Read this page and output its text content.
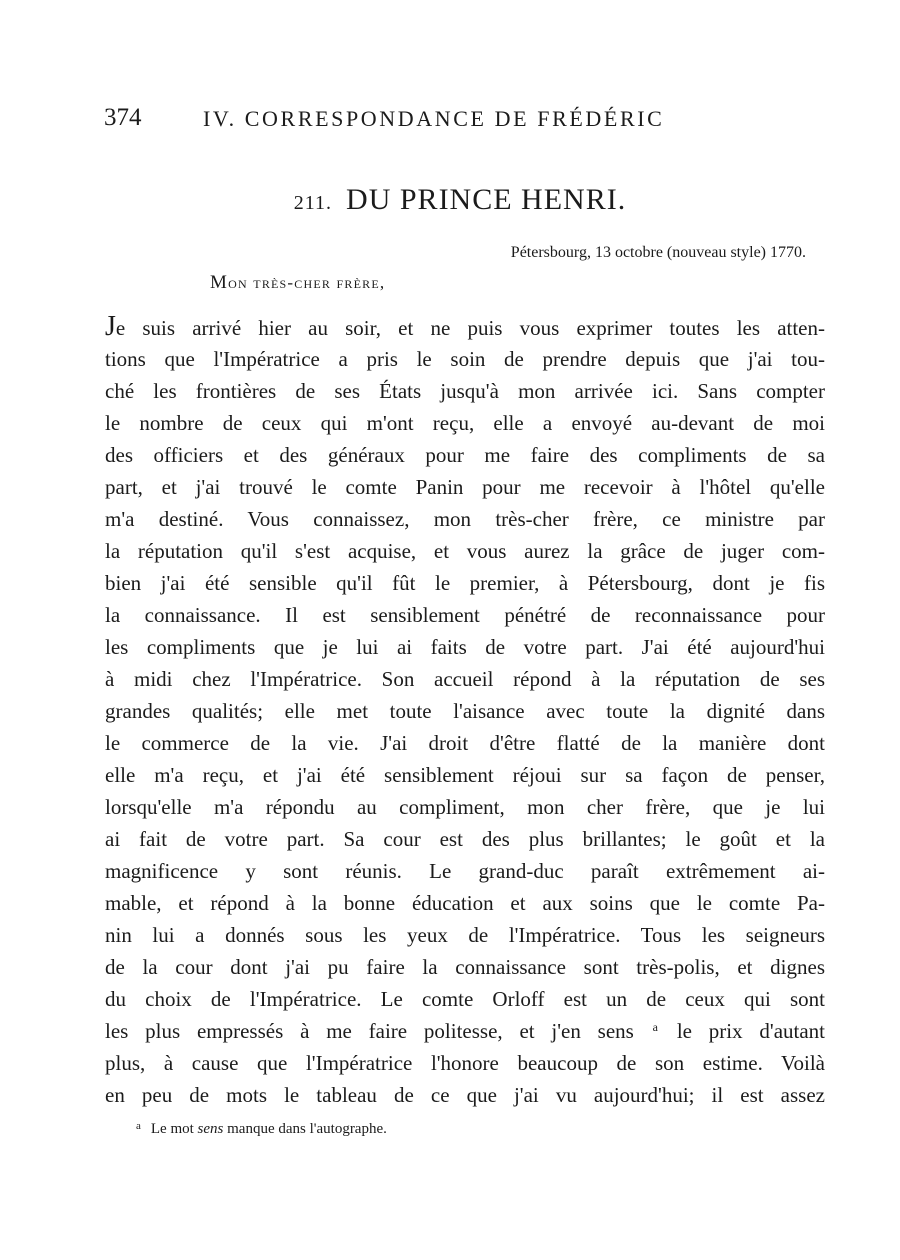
374	IV. CORRESPONDANCE DE FRÉDÉRIC
211. DU PRINCE HENRI.
Pétersbourg, 13 octobre (nouveau style) 1770.
Mon très-cher frère,
Je suis arrivé hier au soir, et ne puis vous exprimer toutes les atten-
tions que l'Impératrice a pris le soin de prendre depuis que j'ai tou-
ché les frontières de ses États jusqu'à mon arrivée ici. Sans compter
le nombre de ceux qui m'ont reçu, elle a envoyé au-devant de moi
des officiers et des généraux pour me faire des compliments de sa
part, et j'ai trouvé le comte Panin pour me recevoir à l'hôtel qu'elle
m'a destiné. Vous connaissez, mon très-cher frère, ce ministre par
la réputation qu'il s'est acquise, et vous aurez la grâce de juger com-
bien j'ai été sensible qu'il fût le premier, à Pétersbourg, dont je fis
la connaissance. Il est sensiblement pénétré de reconnaissance pour
les compliments que je lui ai faits de votre part. J'ai été aujourd'hui
à midi chez l'Impératrice. Son accueil répond à la réputation de ses
grandes qualités; elle met toute l'aisance avec toute la dignité dans
le commerce de la vie. J'ai droit d'être flatté de la manière dont
elle m'a reçu, et j'ai été sensiblement réjoui sur sa façon de penser,
lorsqu'elle m'a répondu au compliment, mon cher frère, que je lui
ai fait de votre part. Sa cour est des plus brillantes; le goût et la
magnificence y sont réunis. Le grand-duc paraît extrêmement ai-
mable, et répond à la bonne éducation et aux soins que le comte Pa-
nin lui a donnés sous les yeux de l'Impératrice. Tous les seigneurs
de la cour dont j'ai pu faire la connaissance sont très-polis, et dignes
du choix de l'Impératrice. Le comte Orloff est un de ceux qui sont
les plus empressés à me faire politesse, et j'en sens $^a$ le prix d'autant
plus, à cause que l'Impératrice l'honore beaucoup de son estime. Voilà
en peu de mots le tableau de ce que j'ai vu aujourd'hui; il est assez
$^a$ Le mot sens manque dans l'autographe.
